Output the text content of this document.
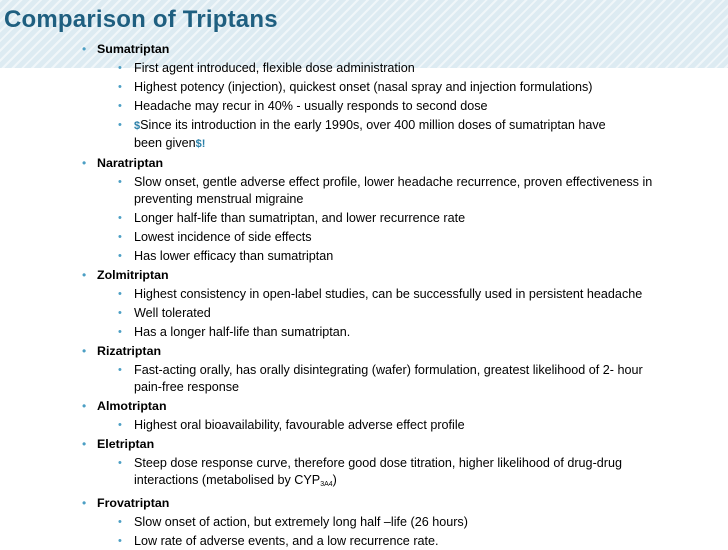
Comparison of Triptans
• Sumatriptan
• First agent introduced, flexible dose administration
• Highest potency (injection), quickest onset (nasal spray and injection formulations)
• Headache may recur in 40% - usually responds to second dose
• $Since its introduction in the early 1990s, over 400 million doses of sumatriptan have
been given$!
• Naratriptan
• Slow onset, gentle adverse effect profile, lower headache recurrence, proven effectiveness in preventing menstrual migraine
• Longer half-life than sumatriptan, and lower recurrence rate
• Lowest incidence of side effects
• Has lower efficacy than sumatriptan
• Zolmitriptan
• Highest consistency in open-label studies, can be successfully used in persistent headache
• Well tolerated
• Has a longer half-life than sumatriptan.
• Rizatriptan
• Fast-acting orally, has orally disintegrating (wafer) formulation, greatest likelihood of 2- hour pain-free response
• Almotriptan
• Highest oral bioavailability, favourable adverse effect profile
• Eletriptan
• Steep dose response curve, therefore good dose titration, higher likelihood of drug-drug interactions (metabolised by $CYP_{3A4}$)
• Frovatriptan
• Slow onset of action, but extremely long half –life (26 hours)
• Low rate of adverse events, and a low recurrence rate.
